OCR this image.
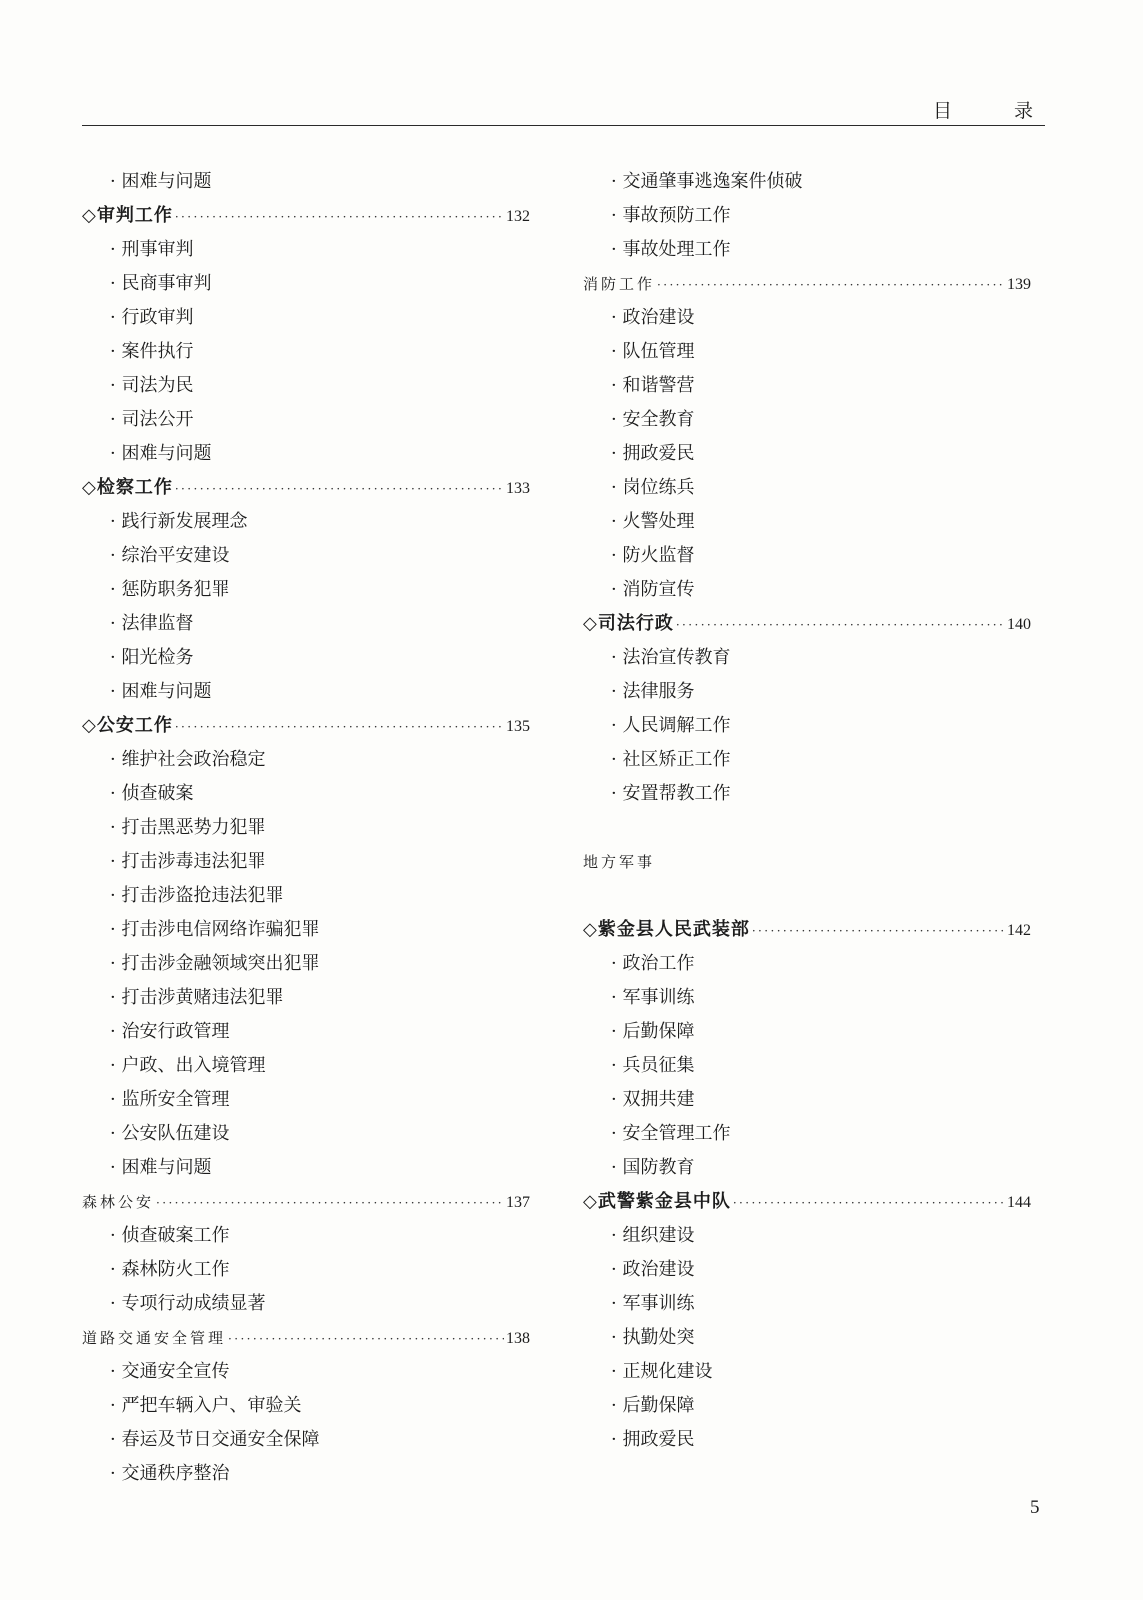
目 录
· 困难与问题
◇审判工作 ·····	132
· 刑事审判
· 民商事审判
· 行政审判
· 案件执行
· 司法为民
· 司法公开
· 困难与问题
◇检察工作 ·····	133
· 践行新发展理念
· 综治平安建设
· 惩防职务犯罪
· 法律监督
· 阳光检务
· 困难与问题
◇公安工作 ·····	135
· 维护社会政治稳定
· 侦查破案
· 打击黑恶势力犯罪
· 打击涉毒违法犯罪
· 打击涉盗抢违法犯罪
· 打击涉电信网络诈骗犯罪
· 打击涉金融领域突出犯罪
· 打击涉黄赌违法犯罪
· 治安行政管理
· 户政、出入境管理
· 监所安全管理
· 公安队伍建设
· 困难与问题
森林公安 ·····	137
· 侦查破案工作
· 森林防火工作
· 专项行动成绩显著
道路交通安全管理 ·····	138
· 交通安全宣传
· 严把车辆入户、审验关
· 春运及节日交通安全保障
· 交通秩序整治
· 交通肇事逃逸案件侦破
· 事故预防工作
· 事故处理工作
消防工作 ·····	139
· 政治建设
· 队伍管理
· 和谐警营
· 安全教育
· 拥政爱民
· 岗位练兵
· 火警处理
· 防火监督
· 消防宣传
◇司法行政 ·····	140
· 法治宣传教育
· 法律服务
· 人民调解工作
· 社区矫正工作
· 安置帮教工作
地方军事
◇紫金县人民武装部 ·····	142
· 政治工作
· 军事训练
· 后勤保障
· 兵员征集
· 双拥共建
· 安全管理工作
· 国防教育
◇武警紫金县中队 ·····	144
· 组织建设
· 政治建设
· 军事训练
· 执勤处突
· 正规化建设
· 后勤保障
· 拥政爱民
5
